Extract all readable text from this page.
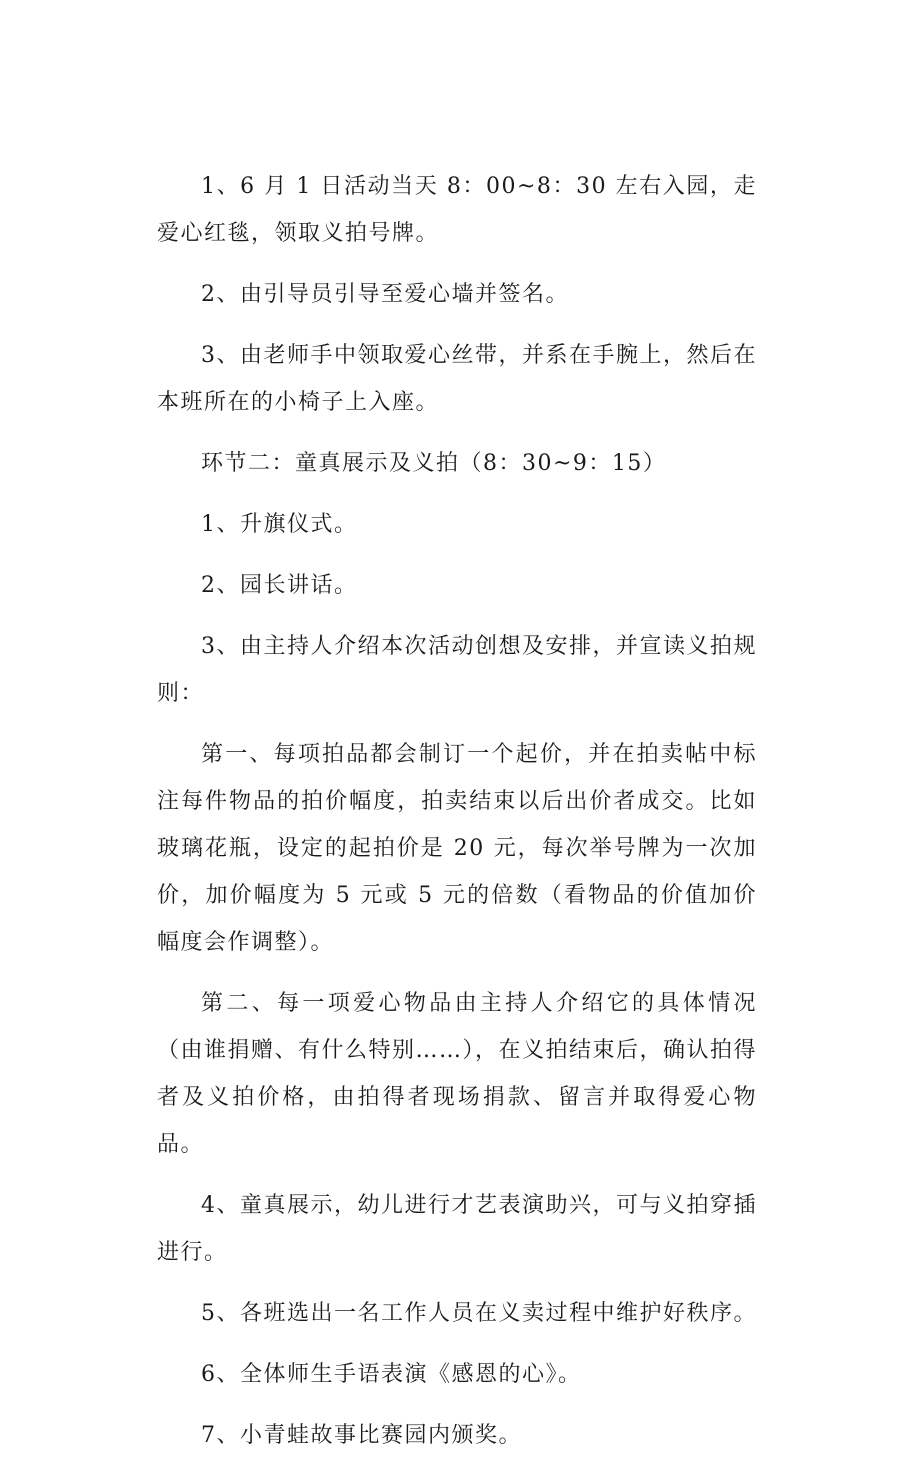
1、6 月 1 日活动当天 8：00~8：30 左右入园，走爱心红毯，领取义拍号牌。

2、由引导员引导至爱心墙并签名。

3、由老师手中领取爱心丝带，并系在手腕上，然后在本班所在的小椅子上入座。

环节二：童真展示及义拍（8：30~9：15）

1、升旗仪式。

2、园长讲话。

3、由主持人介绍本次活动创想及安排，并宣读义拍规则：

第一、每项拍品都会制订一个起价，并在拍卖帖中标注每件物品的拍价幅度，拍卖结束以后出价者成交。比如玻璃花瓶，设定的起拍价是 20 元，每次举号牌为一次加价，加价幅度为 5 元或 5 元的倍数（看物品的价值加价幅度会作调整）。

第二、每一项爱心物品由主持人介绍它的具体情况（由谁捐赠、有什么特别……），在义拍结束后，确认拍得者及义拍价格，由拍得者现场捐款、留言并取得爱心物品。

4、童真展示，幼儿进行才艺表演助兴，可与义拍穿插进行。

5、各班选出一名工作人员在义卖过程中维护好秩序。

6、全体师生手语表演《感恩的心》。

7、小青蛙故事比赛园内颁奖。
